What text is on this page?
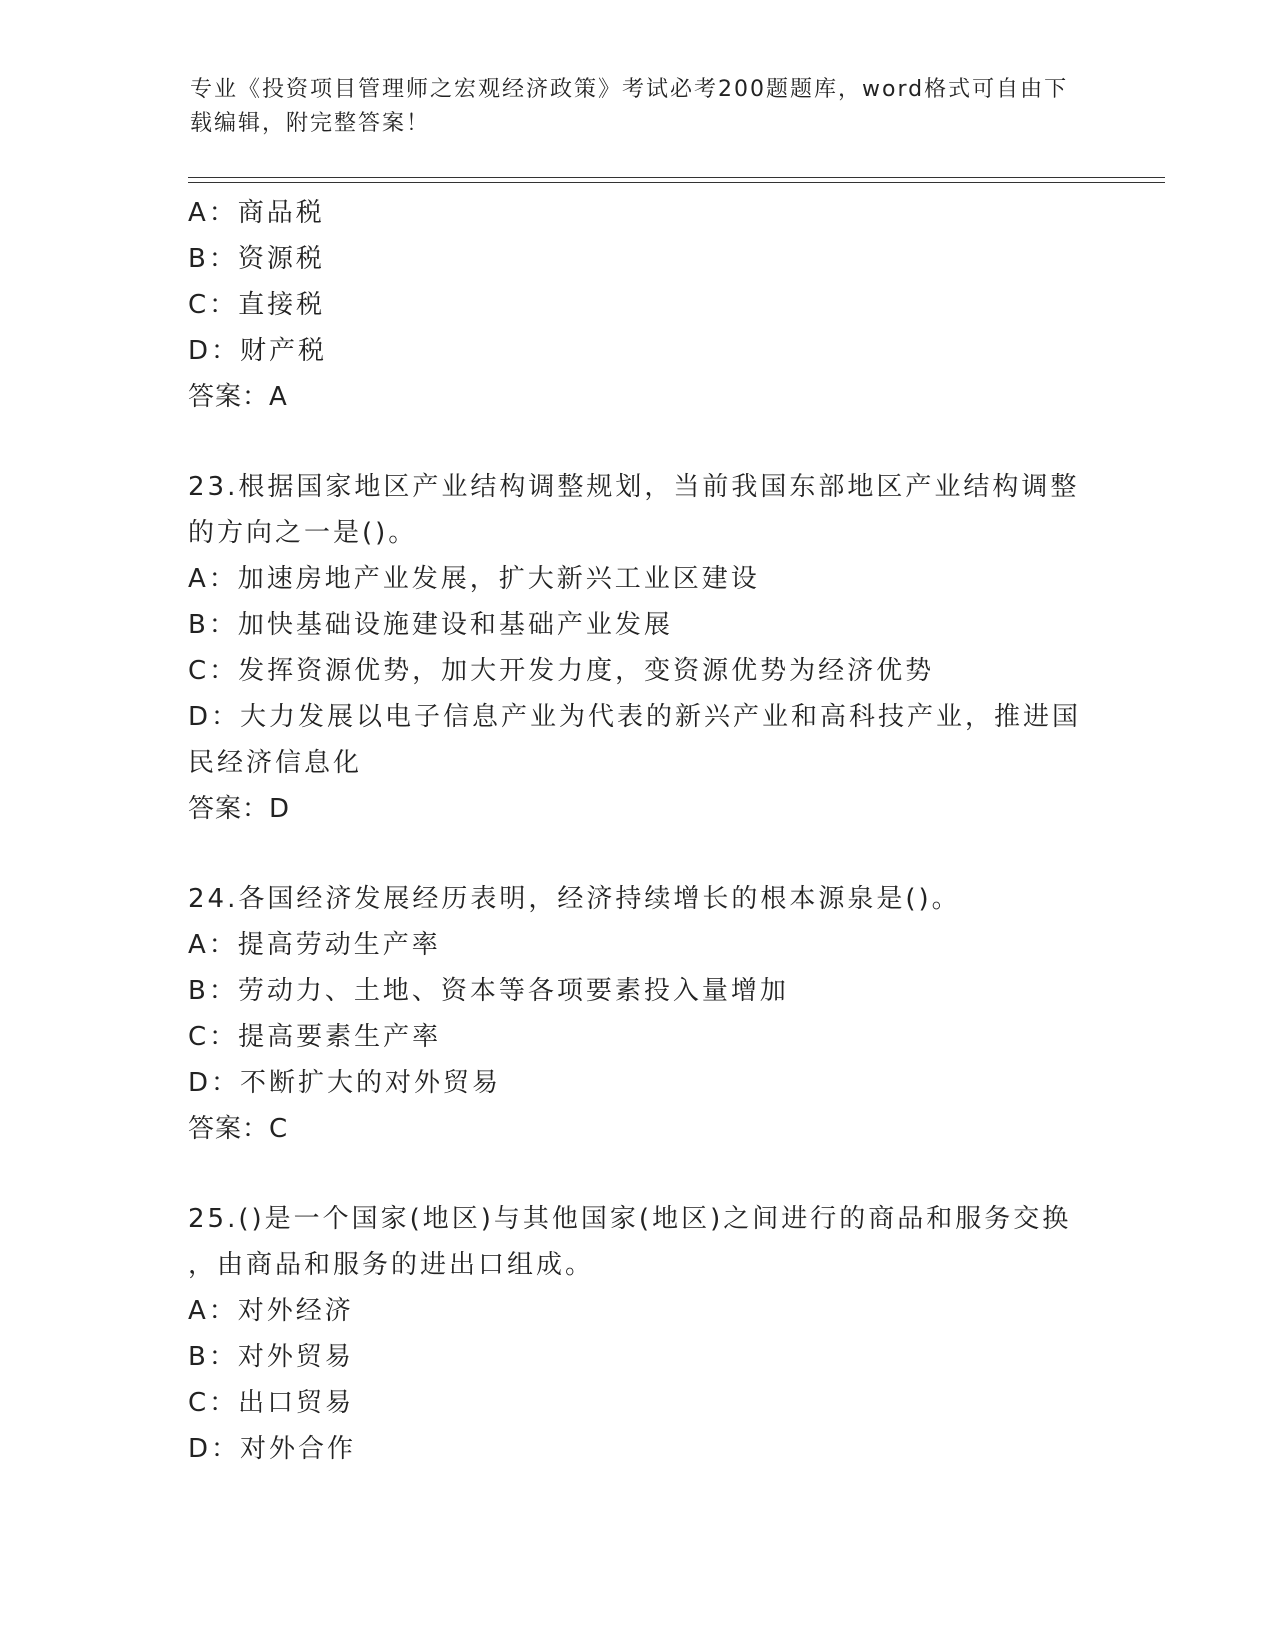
专业《投资项目管理师之宏观经济政策》考试必考200题题库，word格式可自由下载编辑，附完整答案！
A：商品税
B：资源税
C：直接税
D：财产税
答案：A
23.根据国家地区产业结构调整规划，当前我国东部地区产业结构调整
的方向之一是()。
A：加速房地产业发展，扩大新兴工业区建设
B：加快基础设施建设和基础产业发展
C：发挥资源优势，加大开发力度，变资源优势为经济优势
D：大力发展以电子信息产业为代表的新兴产业和高科技产业，推进国
民经济信息化
答案：D
24.各国经济发展经历表明，经济持续增长的根本源泉是()。
A：提高劳动生产率
B：劳动力、土地、资本等各项要素投入量增加
C：提高要素生产率
D：不断扩大的对外贸易
答案：C
25.()是一个国家(地区)与其他国家(地区)之间进行的商品和服务交换
，由商品和服务的进出口组成。
A：对外经济
B：对外贸易
C：出口贸易
D：对外合作
